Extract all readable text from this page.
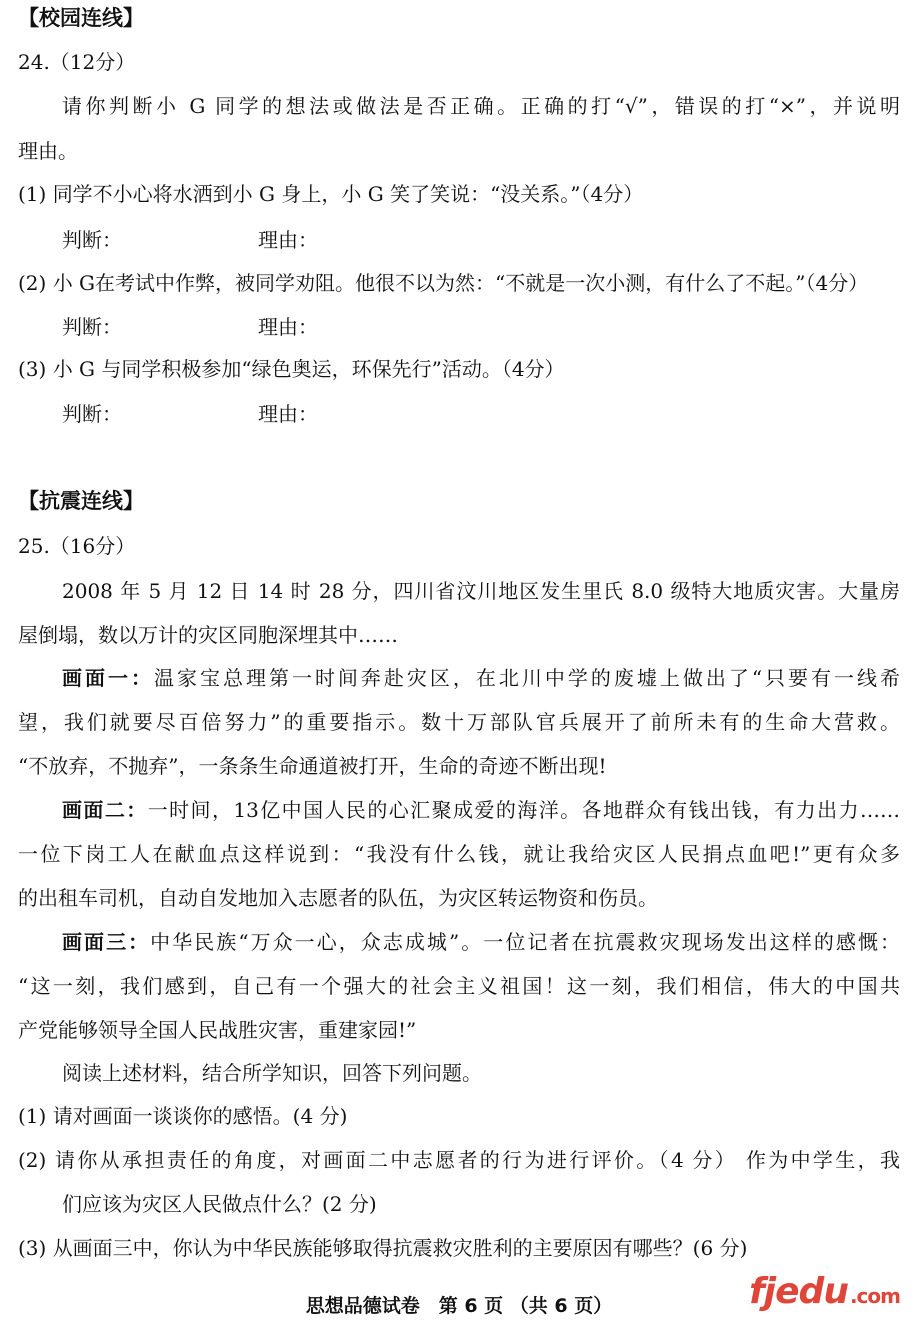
【校园连线】
24.（12分）
请你判断小 G 同学的想法或做法是否正确。正确的打“√”，错误的打“×”，并说明
理由。
(1) 同学不小心将水洒到小 G 身上，小 G 笑了笑说：“没关系。”（4分）
判断：	理由：
(2) 小 G在考试中作弊，被同学劝阻。他很不以为然：“不就是一次小测，有什么了不起。”（4分）
判断：	理由：
(3) 小 G 与同学积极参加“绿色奥运，环保先行”活动。（4分）
判断：	理由：
【抗震连线】
25.（16分）
2008 年 5 月 12 日 14 时 28 分，四川省汶川地区发生里氏 8.0 级特大地质灾害。大量房
屋倒塌，数以万计的灾区同胞深埋其中……
画面一：温家宝总理第一时间奔赴灾区，在北川中学的废墟上做出了“只要有一线希
望，我们就要尽百倍努力”的重要指示。数十万部队官兵展开了前所未有的生命大营救。
“不放弃，不抛弃”，一条条生命通道被打开，生命的奇迹不断出现!
画面二：一时间，13亿中国人民的心汇聚成爱的海洋。各地群众有钱出钱，有力出力……
一位下岗工人在献血点这样说到：“我没有什么钱，就让我给灾区人民捐点血吧!”更有众多
的出租车司机，自动自发地加入志愿者的队伍，为灾区转运物资和伤员。
画面三：中华民族“万众一心，众志成城”。一位记者在抗震救灾现场发出这样的感慨：
“这一刻，我们感到，自己有一个强大的社会主义祖国！这一刻，我们相信，伟大的中国共
产党能够领导全国人民战胜灾害，重建家园!”
阅读上述材料，结合所学知识，回答下列问题。
(1) 请对画面一谈谈你的感悟。(4 分)
(2) 请你从承担责任的角度，对画面二中志愿者的行为进行评价。（4 分） 作为中学生，我
们应该为灾区人民做点什么？(2 分)
(3) 从画面三中，你认为中华民族能够取得抗震救灾胜利的主要原因有哪些？(6 分)
思想品德试卷　第 6 页 （共 6 页）	fjedu .com
